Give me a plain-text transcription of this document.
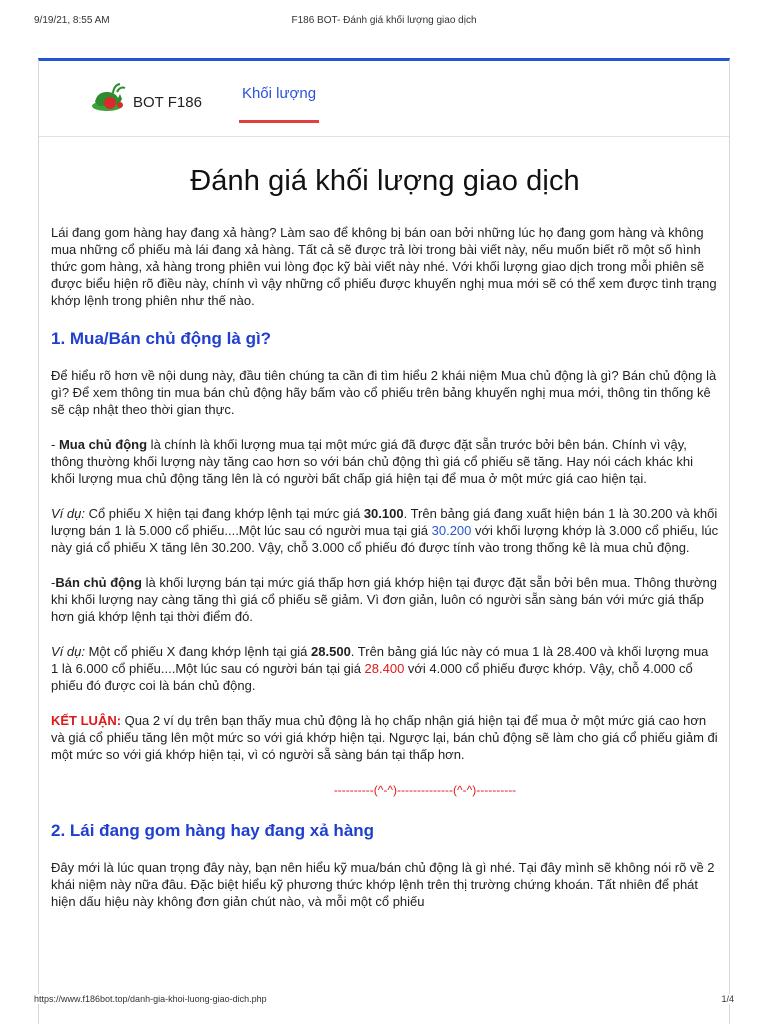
9/19/21, 8:55 AM	F186 BOT- Đánh giá khối lượng giao dịch
BOT F186	Khối lượng
Đánh giá khối lượng giao dịch

Lái đang gom hàng hay đang xả hàng? Làm sao để không bị bán oan bởi những lúc họ đang gom hàng và không mua những cổ phiếu mà lái đang xả hàng. Tất cả sẽ được trả lời trong bài viết này, nếu muốn biết rõ một số hình thức gom hàng, xả hàng trong phiên vui lòng đọc kỹ bài viết này nhé. Với khối lượng giao dịch trong mỗi phiên sẽ được biểu hiện rõ điều này, chính vì vậy những cổ phiếu được khuyến nghị mua mới sẽ có thể xem được tình trạng khớp lệnh trong phiên như thế nào.

1. Mua/Bán chủ động là gì?

Để hiểu rõ hơn về nội dung này, đầu tiên chúng ta cần đi tìm hiểu 2 khái niệm Mua chủ động là gì? Bán chủ động là gì? Để xem thông tin mua bán chủ động hãy bấm vào cổ phiếu trên bảng khuyến nghị mua mới, thông tin thống kê sẽ cập nhật theo thời gian thực.

- Mua chủ động là chính là khối lượng mua tại một mức giá đã được đặt sẵn trước bởi bên bán. Chính vì vậy, thông thường khối lượng này tăng cao hơn so với bán chủ động thì giá cổ phiếu sẽ tăng. Hay nói cách khác khi khối lượng mua chủ động tăng lên là có người bất chấp giá hiện tại để mua ở một mức giá cao hiện tại.

Ví dụ: Cổ phiếu X hiện tại đang khớp lệnh tại mức giá 30.100. Trên bảng giá đang xuất hiện bán 1 là 30.200 và khối lượng bán 1 là 5.000 cổ phiếu....Một lúc sau có người mua tại giá 30.200 với khối lượng khớp là 3.000 cổ phiếu, lúc này giá cổ phiếu X tăng lên 30.200. Vậy, chỗ 3.000 cổ phiếu đó được tính vào trong thống kê là mua chủ động.

-Bán chủ động là khối lượng bán tại mức giá thấp hơn giá khớp hiện tại được đặt sẵn bởi bên mua. Thông thường khi khối lượng nay càng tăng thì giá cổ phiếu sẽ giảm. Vì đơn giản, luôn có người sẵn sàng bán với mức giá thấp hơn giá khớp lệnh tại thời điểm đó.

Ví dụ: Một cổ phiếu X đang khớp lệnh tại giá 28.500. Trên bảng giá lúc này có mua 1 là 28.400 và khối lượng mua 1 là 6.000 cổ phiếu....Một lúc sau có người bán tại giá 28.400 với 4.000 cổ phiếu được khớp. Vậy, chỗ 4.000 cổ phiếu đó được coi là bán chủ động.

KẾT LUẬN: Qua 2 ví dụ trên bạn thấy mua chủ động là họ chấp nhận giá hiện tại để mua ở một mức giá cao hơn và giá cổ phiếu tăng lên một mức so với giá khớp hiện tại. Ngược lại, bán chủ động sẽ làm cho giá cổ phiếu giảm đi một mức so với giá khớp hiện tại, vì có người sẵ sàng bán tại thấp hơn.

----------(^-^)--------------(^-^)----------
2. Lái đang gom hàng hay đang xả hàng

Đây mới là lúc quan trọng đây này, bạn nên hiểu kỹ mua/bán chủ động là gì nhé. Tại đây mình sẽ không nói rõ về 2 khái niệm này nữa đâu. Đặc biệt hiểu kỹ phương thức khớp lệnh trên thị trường chứng khoán. Tất nhiên để phát hiện dấu hiệu này không đơn giản chút nào, và mỗi một cổ phiếu

https://www.f186bot.top/danh-gia-khoi-luong-giao-dich.php	1/4
